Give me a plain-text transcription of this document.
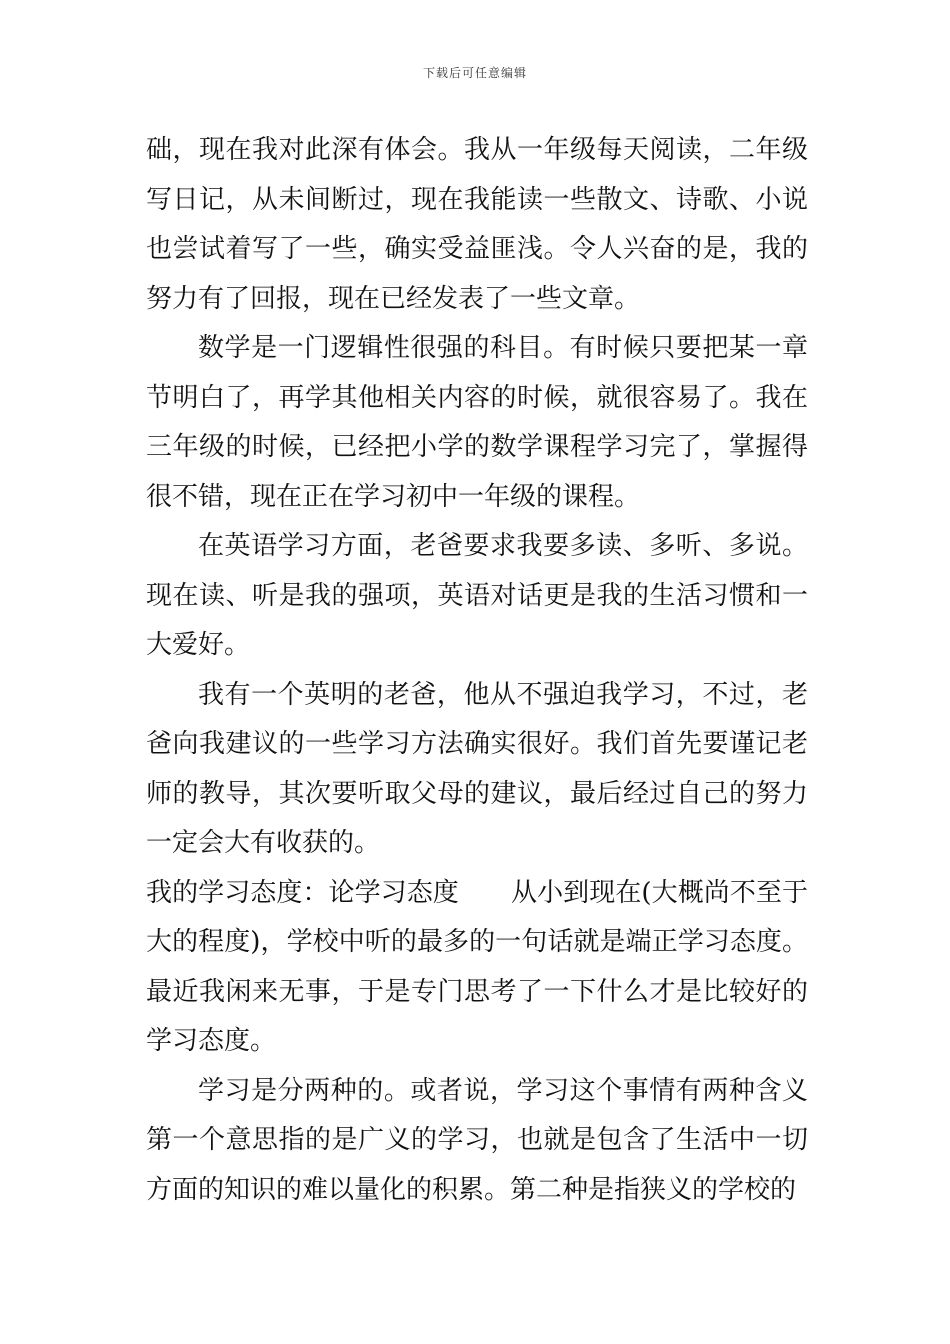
下载后可任意编辑

础，现在我对此深有体会。我从一年级每天阅读，二年级写日记，从未间断过，现在我能读一些散文、诗歌、小说也尝试着写了一些，确实受益匪浅。令人兴奋的是，我的努力有了回报，现在已经发表了一些文章。

数学是一门逻辑性很强的科目。有时候只要把某一章节明白了，再学其他相关内容的时候，就很容易了。我在三年级的时候，已经把小学的数学课程学习完了，掌握得很不错，现在正在学习初中一年级的课程。

在英语学习方面，老爸要求我要多读、多听、多说。现在读、听是我的强项，英语对话更是我的生活习惯和一大爱好。

我有一个英明的老爸，他从不强迫我学习，不过，老爸向我建议的一些学习方法确实很好。我们首先要谨记老师的教导，其次要听取父母的建议，最后经过自己的努力一定会大有收获的。

我的学习态度：论学习态度　　从小到现在(大概尚不至于大的程度)，学校中听的最多的一句话就是端正学习态度。最近我闲来无事，于是专门思考了一下什么才是比较好的学习态度。

学习是分两种的。或者说，学习这个事情有两种含义第一个意思指的是广义的学习，也就是包含了生活中一切方面的知识的难以量化的积累。第二种是指狭义的学校的
